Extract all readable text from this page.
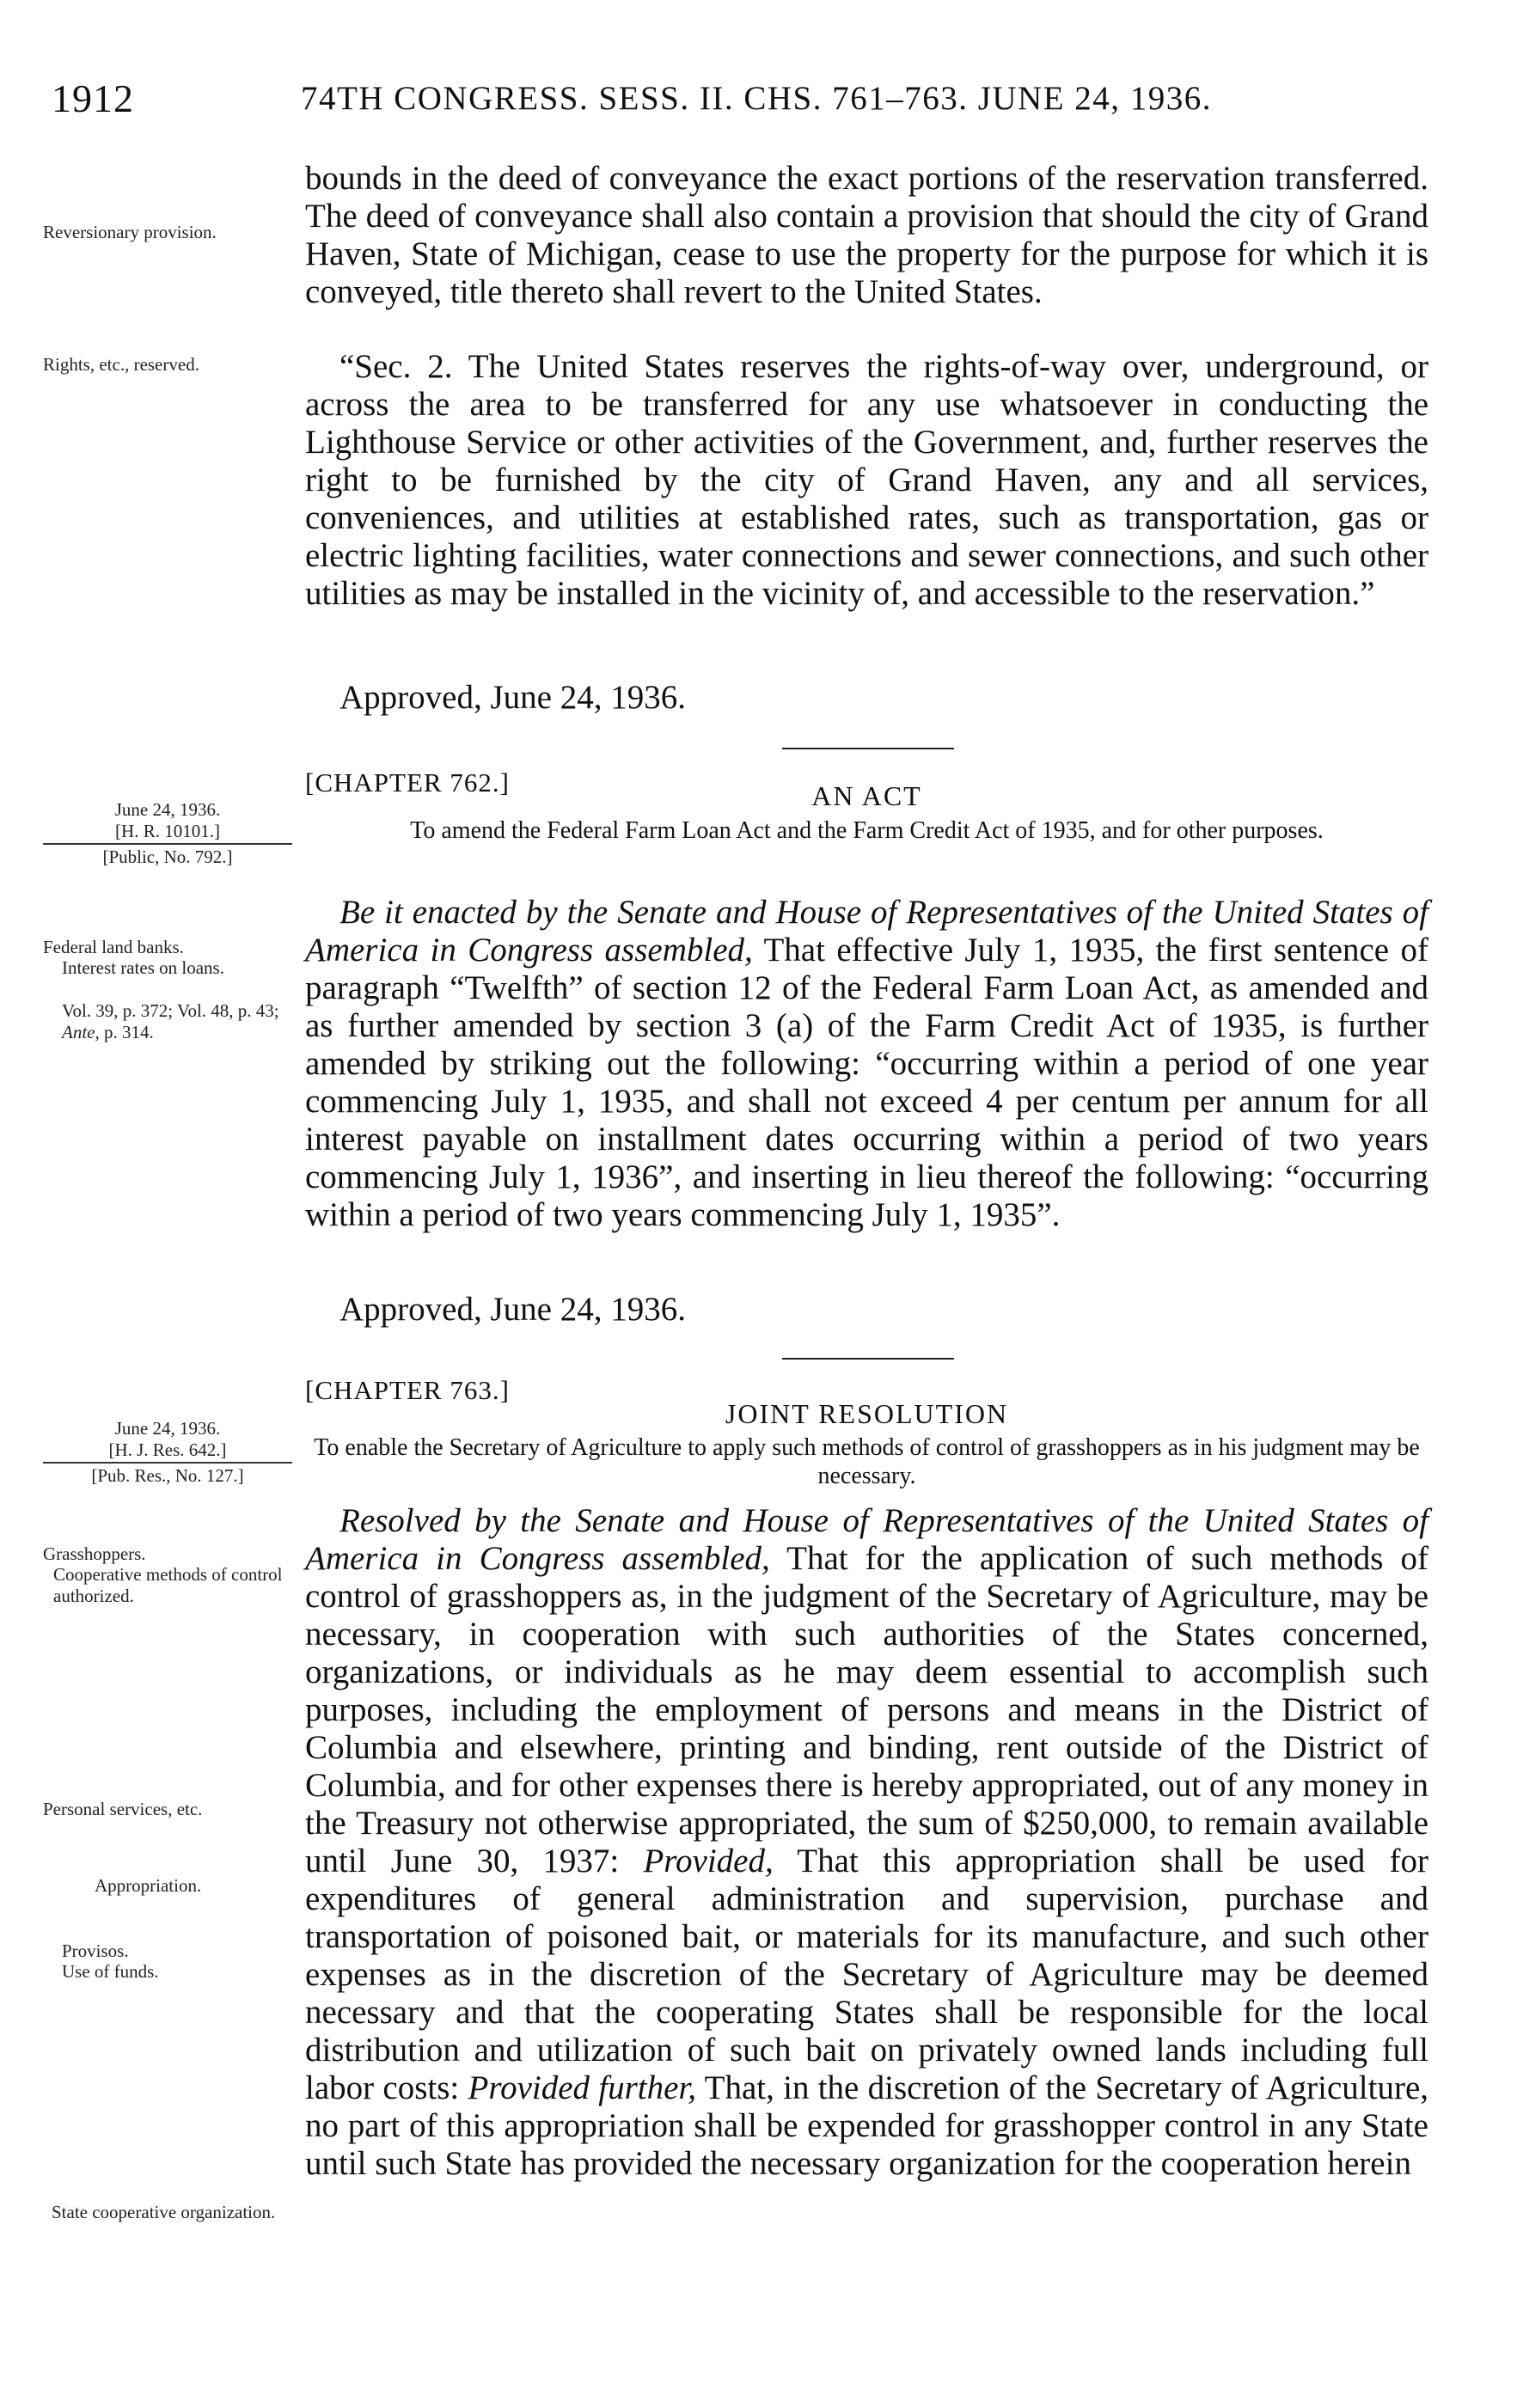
1912	74TH CONGRESS. SESS. II. CHS. 761–763. JUNE 24, 1936.
Reversionary provision.

bounds in the deed of conveyance the exact portions of the reservation transferred. The deed of conveyance shall also contain a provision that should the city of Grand Haven, State of Michigan, cease to use the property for the purpose for which it is conveyed, title thereto shall revert to the United States.

Rights, etc., reserved.	“Sec. 2. The United States reserves the rights-of-way over, underground, or across the area to be transferred for any use whatsoever in conducting the Lighthouse Service or other activities of the Government, and, further reserves the right to be furnished by the city of Grand Haven, any and all services, conveniences, and utilities at established rates, such as transportation, gas or electric lighting facilities, water connections and sewer connections, and such other utilities as may be installed in the vicinity of, and accessible to the reservation.”

Approved, June 24, 1936.
[CHAPTER 762.]	AN ACT
June 24, 1936.
[H. R. 10101.]
[Public, No. 792.]
To amend the Federal Farm Loan Act and the Farm Credit Act of 1935, and for other purposes.
Federal land banks.
Interest rates on loans.
Vol. 39, p. 372; Vol. 48, p. 43; Ante, p. 314.

Be it enacted by the Senate and House of Representatives of the United States of America in Congress assembled, That effective July 1, 1935, the first sentence of paragraph “Twelfth” of section 12 of the Federal Farm Loan Act, as amended and as further amended by section 3 (a) of the Farm Credit Act of 1935, is further amended by striking out the following: “occurring within a period of one year commencing July 1, 1935, and shall not exceed 4 per centum per annum for all interest payable on installment dates occurring within a period of two years commencing July 1, 1936”, and inserting in lieu thereof the following: “occurring within a period of two years commencing July 1, 1935”.

Approved, June 24, 1936.
[CHAPTER 763.]
JOINT RESOLUTION
June 24, 1936.
[H. J. Res. 642.]
[Pub. Res., No. 127.]
To enable the Secretary of Agriculture to apply such methods of control of grasshoppers as in his judgment may be necessary.
Grasshoppers.
Cooperative methods of control authorized.
Personal services, etc.
Appropriation.
Provisos.
Use of funds.
State cooperative organization.

Resolved by the Senate and House of Representatives of the United States of America in Congress assembled, That for the application of such methods of control of grasshoppers as, in the judgment of the Secretary of Agriculture, may be necessary, in cooperation with such authorities of the States concerned, organizations, or individuals as he may deem essential to accomplish such purposes, including the employment of persons and means in the District of Columbia and elsewhere, printing and binding, rent outside of the District of Columbia, and for other expenses there is hereby appropriated, out of any money in the Treasury not otherwise appropriated, the sum of $250,000, to remain available until June 30, 1937: Provided, That this appropriation shall be used for expenditures of general administration and supervision, purchase and transportation of poisoned bait, or materials for its manufacture, and such other expenses as in the discretion of the Secretary of Agriculture may be deemed necessary and that the cooperating States shall be responsible for the local distribution and utilization of such bait on privately owned lands including full labor costs: Provided further, That, in the discretion of the Secretary of Agriculture, no part of this appropriation shall be expended for grasshopper control in any State until such State has provided the necessary organization for the cooperation herein
